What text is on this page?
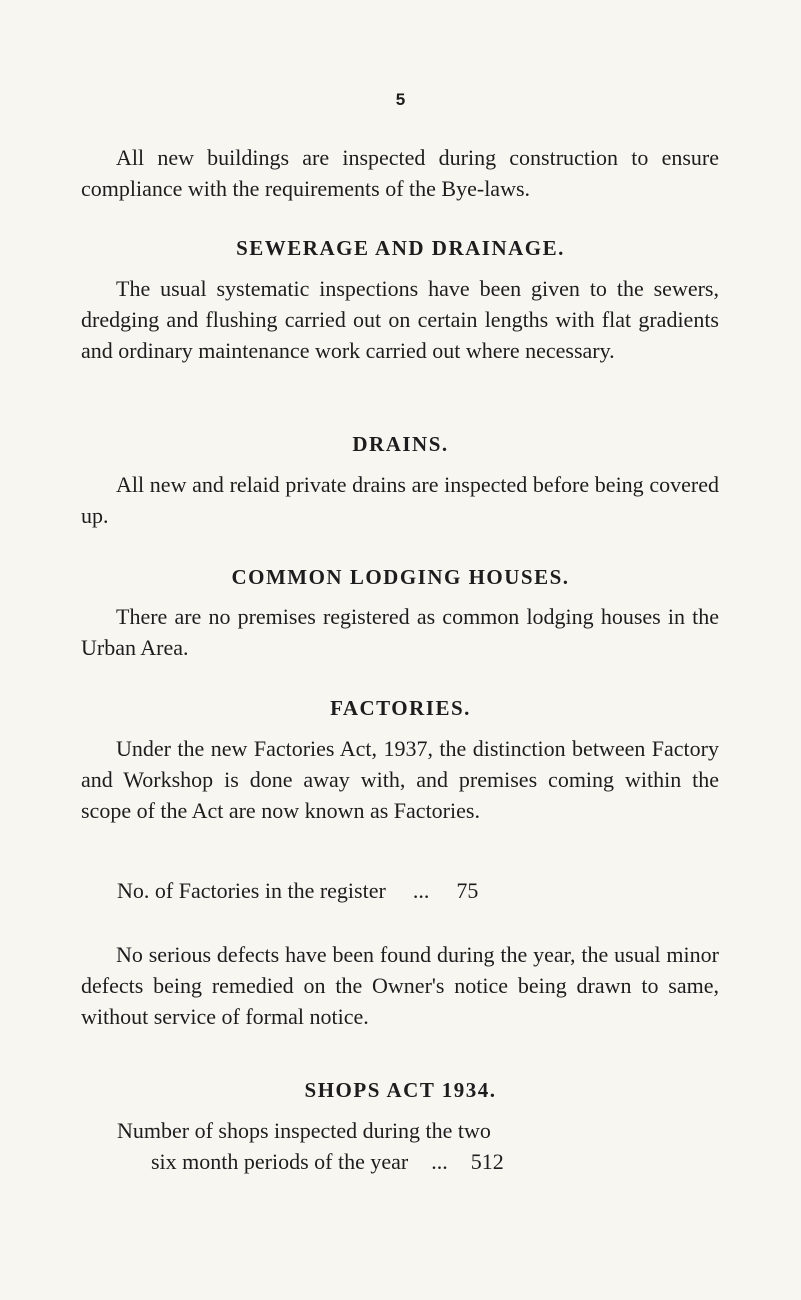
5

All new buildings are inspected during construction to ensure compliance with the requirements of the Bye-laws.

SEWERAGE AND DRAINAGE.

The usual systematic inspections have been given to the sewers, dredging and flushing carried out on certain lengths with flat gradients and ordinary maintenance work carried out where necessary.

DRAINS.

All new and relaid private drains are inspected before being covered up.

COMMON LODGING HOUSES.

There are no premises registered as common lodging houses in the Urban Area.

FACTORIES.

Under the new Factories Act, 1937, the distinction between Factory and Workshop is done away with, and premises coming within the scope of the Act are now known as Factories.

No. of Factories in the register ... 75

No serious defects have been found during the year, the usual minor defects being remedied on the Owner's notice being drawn to same, without service of formal notice.

SHOPS ACT 1934.
Number of shops inspected during the two
six month periods of the year ... 512
